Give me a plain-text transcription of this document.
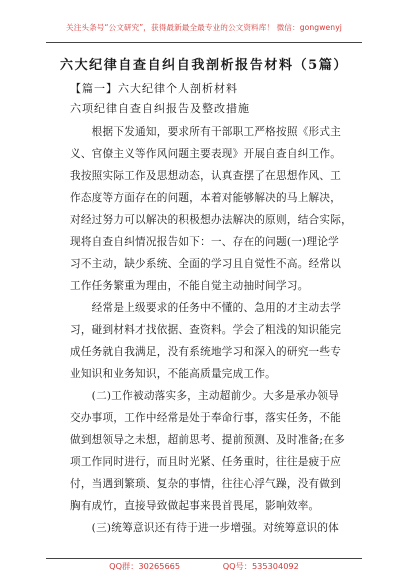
关注头条号“公文研究”，获得最新最全最专业的公文资料库！ 微信：gongwenyj
六大纪律自查自纠自我剖析报告材料（5篇）
【篇一】六大纪律个人剖析材料
六项纪律自查自纠报告及整改措施
　　根据下发通知，要求所有干部职工严格按照《形式主
义、官僚主义等作风问题主要表现》开展自查自纠工作。
我按照实际工作及思想动态，认真查摆了在思想作风、工
作态度等方面存在的问题，本着对能够解决的马上解决，
对经过努力可以解决的积极想办法解决的原则，结合实际，
现将自查自纠情况报告如下：一、存在的问题(一)理论学
习不主动，缺少系统、全面的学习且自觉性不高。经常以
工作任务繁重为理由，不能自觉主动抽时间学习。
　　经常是上级要求的任务中不懂的、急用的才主动去学
习，碰到材料才找依据、查资料。学会了粗浅的知识能完
成任务就自我满足，没有系统地学习和深入的研究一些专
业知识和业务知识，不能高质量完成工作。
　　(二)工作被动落实多，主动超前少。大多是承办领导
交办事项，工作中经常是处于奉命行事，落实任务，不能
做到想领导之未想，超前思考、提前预测、及时准备;在多
项工作同时进行，而且时光紧、任务重时，往往是疲于应
付，当遇到繁琐、复杂的事情，往往心浮气躁，没有做到
胸有成竹，直接导致做起事来畏首畏尾，影响效率。
　　(三)统筹意识还有待于进一步增强。对统筹意识的体
QQ群：30265665	QQ号：535304092
